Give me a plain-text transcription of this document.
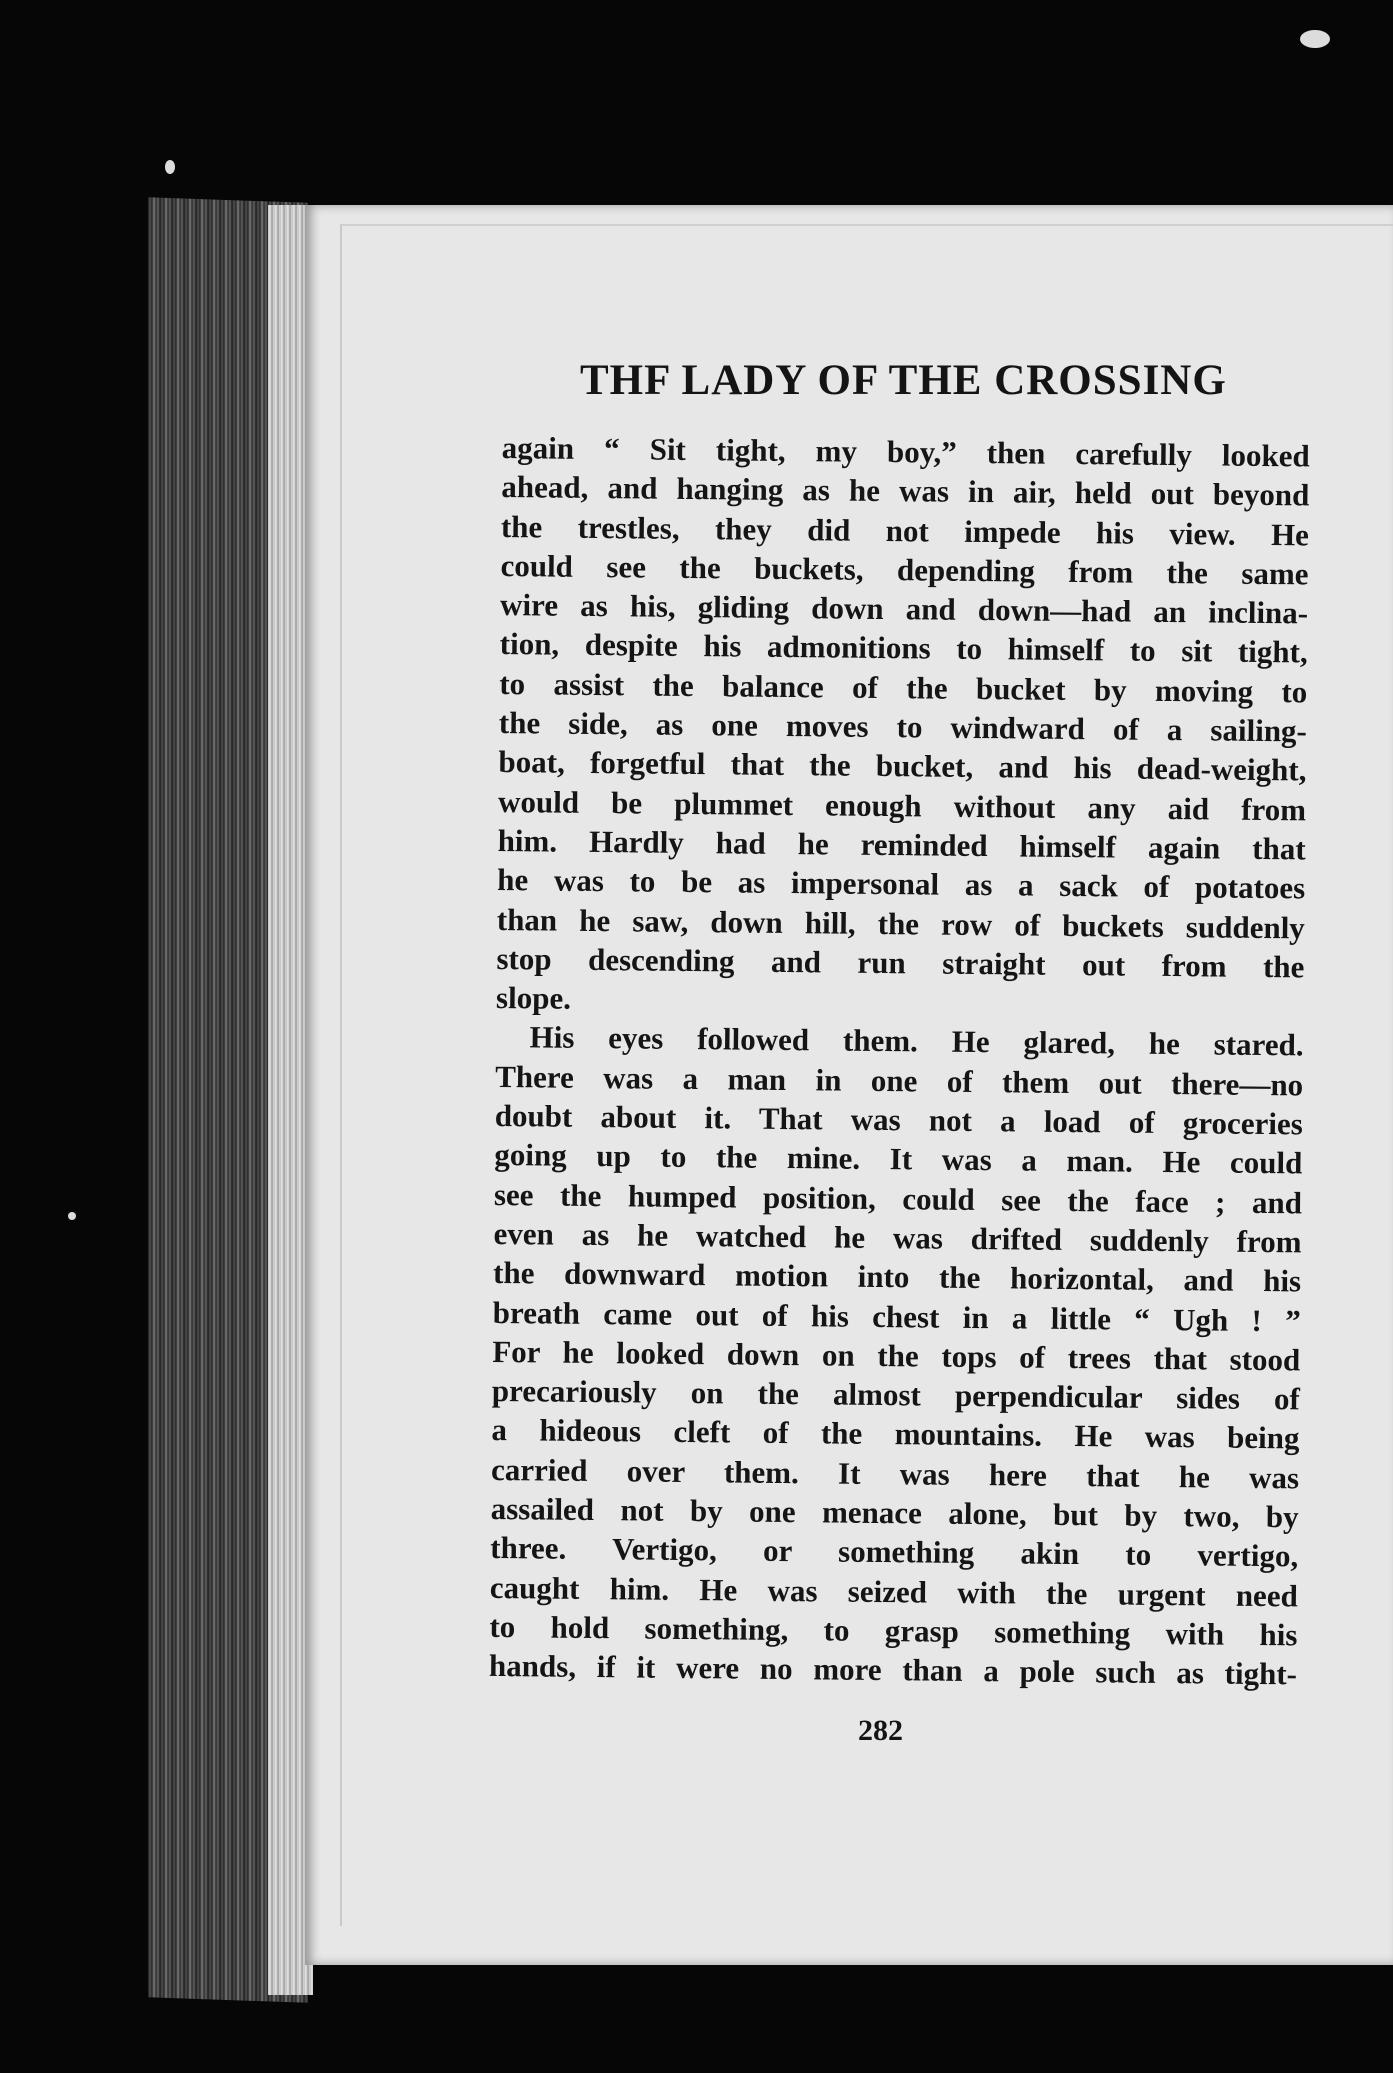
THF LADY OF THE CROSSING
again “ Sit tight, my boy,” then carefully looked
ahead, and hanging as he was in air, held out beyond
the trestles, they did not impede his view. He
could see the buckets, depending from the same
wire as his, gliding down and down—had an inclina-
tion, despite his admonitions to himself to sit tight,
to assist the balance of the bucket by moving to
the side, as one moves to windward of a sailing-
boat, forgetful that the bucket, and his dead-weight,
would be plummet enough without any aid from
him. Hardly had he reminded himself again that
he was to be as impersonal as a sack of potatoes
than he saw, down hill, the row of buckets suddenly
stop descending and run straight out from the
slope.
His eyes followed them. He glared, he stared.
There was a man in one of them out there—no
doubt about it. That was not a load of groceries
going up to the mine. It was a man. He could
see the humped position, could see the face ; and
even as he watched he was drifted suddenly from
the downward motion into the horizontal, and his
breath came out of his chest in a little “ Ugh ! ”
For he looked down on the tops of trees that stood
precariously on the almost perpendicular sides of
a hideous cleft of the mountains. He was being
carried over them. It was here that he was
assailed not by one menace alone, but by two, by
three. Vertigo, or something akin to vertigo,
caught him. He was seized with the urgent need
to hold something, to grasp something with his
hands, if it were no more than a pole such as tight-
282
